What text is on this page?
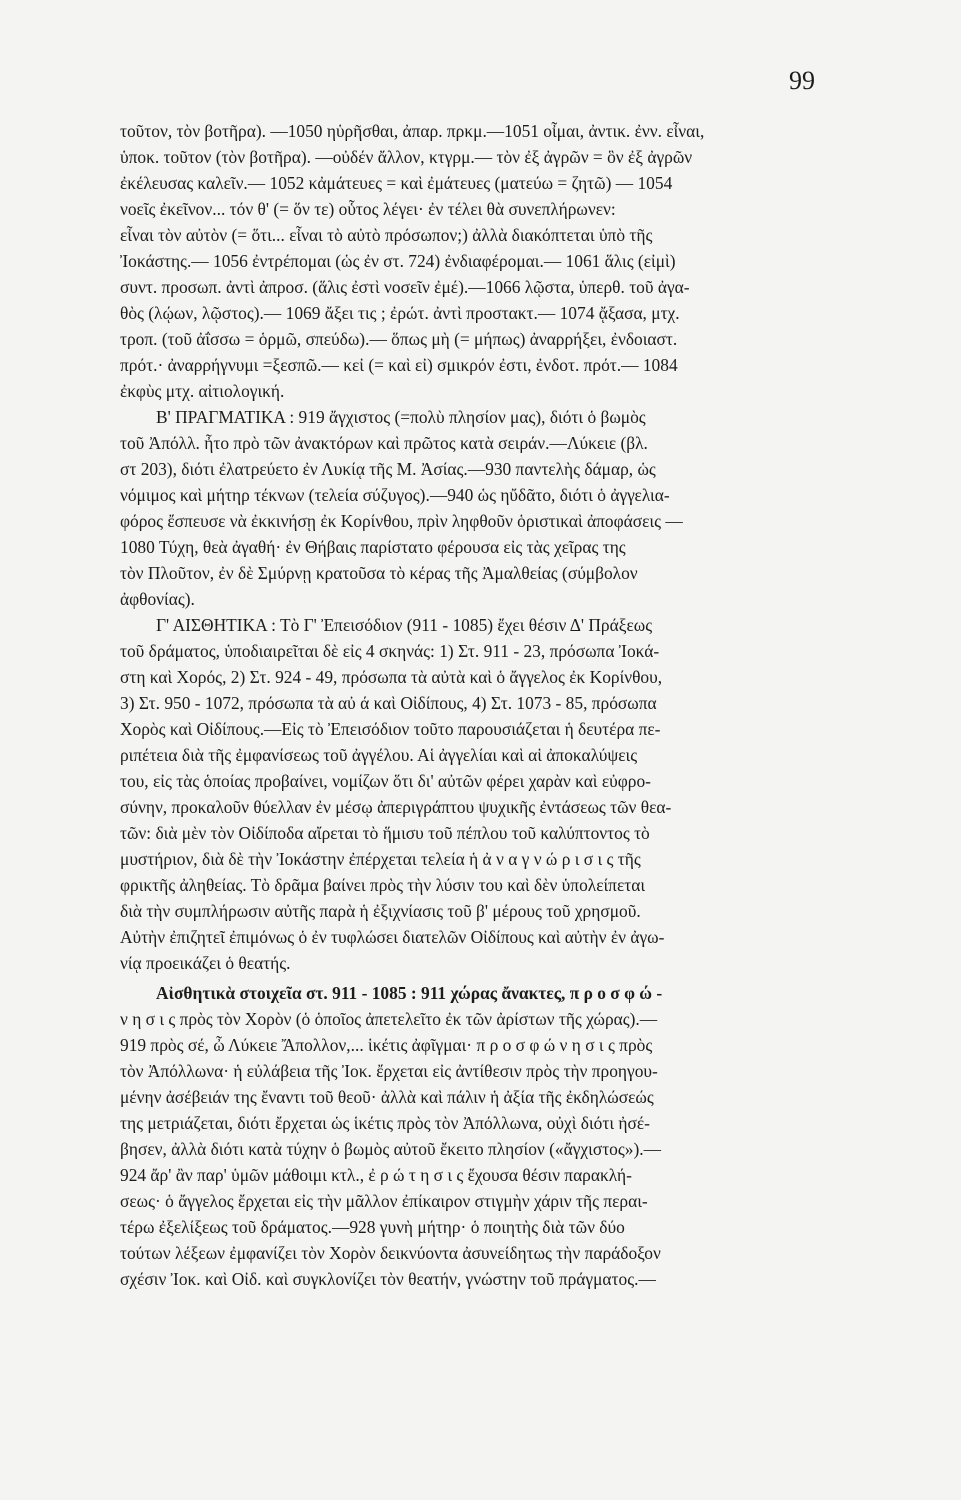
99
τοῦτον, τὸν βοτῆρα). —1050 ηὑρῆσθαι, ἀπαρ. πρκμ.—1051 οἶμαι, ἀντικ. ἐνν. εἶναι,
ὑποκ. τοῦτον (τὸν βοτῆρα). —οὐδέν ἄλλον, κτγρμ.— τὸν ἐξ ἀγρῶν = ὃν ἐξ ἀγρῶν
ἐκέλευσας καλεῖν.— 1052 κἀμάτευες = καὶ ἐμάτευες (ματεύω = ζητῶ) — 1054
νοεῖς ἐκεῖνον... τόν θ' (= ὅν τε) οὗτος λέγει· ἐν τέλει θὰ συνεπλήρωνεν:
εἶναι τὸν αὐτὸν (= ὅτι... εἶναι τὸ αὐτὸ πρόσωπον;) ἀλλὰ διακόπτεται ὑπὸ τῆς
Ἰοκάστης.— 1056 ἐντρέπομαι (ὡς ἐν στ. 724) ἐνδιαφέρομαι.— 1061 ἅλις (εἰμὶ)
συντ. προσωπ. ἀντὶ ἀπροσ. (ἅλις ἐστὶ νοσεῖν ἐμέ).—1066 λῷστα, ὑπερθ. τοῦ ἀγα-
θὸς (λῴων, λῷστος).— 1069 ἄξει τις ; ἐρώτ. ἀντὶ προστακτ.— 1074 ᾄξασα, μτχ.
τροπ. (τοῦ ἀΐσσω = ὁρμῶ, σπεύδω).— ὅπως μὴ (= μήπως) ἀναρρήξει, ἐνδοιαστ.
πρότ.· ἀναρρήγνυμι =ξεσπῶ.— κεἰ (= καὶ εἰ) σμικρόν ἐστι, ἐνδοτ. πρότ.— 1084
ἐκφὺς μτχ. αἰτιολογική.
Β' ΠΡΑΓΜΑΤΙΚΑ : 919 ἄγχιστος (=πολὺ πλησίον μας), διότι ὁ βωμὸς
τοῦ Ἀπόλλ. ἦτο πρὸ τῶν ἀνακτόρων καὶ πρῶτος κατὰ σειράν.—Λύκειε (βλ.
στ 203), διότι ἐλατρεύετο ἐν Λυκίᾳ τῆς Μ. Ἀσίας.—930 παντελὴς δάμαρ, ὡς
νόμιμος καὶ μήτηρ τέκνων (τελεία σύζυγος).—940 ὡς ηὔδᾶτο, διότι ὁ ἀγγελια-
φόρος ἔσπευσε νὰ ἐκκινήσῃ ἐκ Κορίνθου, πρὶν ληφθοῦν ὁριστικαὶ ἀποφάσεις —
1080 Τύχη, θεὰ ἀγαθή· ἐν Θήβαις παρίστατο φέρουσα εἰς τὰς χεῖρας της
τὸν Πλοῦτον, ἐν δὲ Σμύρνῃ κρατοῦσα τὸ κέρας τῆς Ἀμαλθείας (σύμβολον
ἀφθονίας).
Γ' ΑΙΣΘΗΤΙΚΑ : Τὸ Γ' Ἐπεισόδιον (911 - 1085) ἔχει θέσιν Δ' Πράξεως
τοῦ δράματος, ὑποδιαιρεῖται δὲ εἰς 4 σκηνάς: 1) Στ. 911 - 23, πρόσωπα Ἰοκά-
στη καὶ Χορός, 2) Στ. 924 - 49, πρόσωπα τὰ αὐτὰ καὶ ὁ ἄγγελος ἐκ Κορίνθου,
3) Στ. 950 - 1072, πρόσωπα τὰ αὐ ά καὶ Οἰδίπους, 4) Στ. 1073 - 85, πρόσωπα
Χορὸς καὶ Οἰδίπους.—Εἰς τὸ Ἐπεισόδιον τοῦτο παρουσιάζεται ἡ δευτέρα πε-
ριπέτεια διὰ τῆς ἐμφανίσεως τοῦ ἀγγέλου. Αἱ ἀγγελίαι καὶ αἱ ἀποκαλύψεις
του, εἰς τὰς ὁποίας προβαίνει, νομίζων ὅτι δι' αὐτῶν φέρει χαρὰν καὶ εὐφρο-
σύνην, προκαλοῦν θύελλαν ἐν μέσῳ ἀπεριγράπτου ψυχικῆς ἐντάσεως τῶν θεα-
τῶν: διὰ μὲν τὸν Οἰδίποδα αἴρεται τὸ ἥμισυ τοῦ πέπλου τοῦ καλύπτοντος τὸ
μυστήριον, διὰ δὲ τὴν Ἰοκάστην ἐπέρχεται τελεία ἡ ἀ ν α γ ν ώ ρ ι σ ι ς τῆς
φρικτῆς ἀληθείας. Τὸ δρᾶμα βαίνει πρὸς τὴν λύσιν του καὶ δὲν ὑπολείπεται
διὰ τὴν συμπλήρωσιν αὐτῆς παρὰ ἡ ἐξιχνίασις τοῦ β' μέρους τοῦ χρησμοῦ.
Αὐτὴν ἐπιζητεῖ ἐπιμόνως ὁ ἐν τυφλώσει διατελῶν Οἰδίπους καὶ αὐτὴν ἐν ἀγω-
νίᾳ προεικάζει ὁ θεατής.
Αἰσθητικὰ στοιχεῖα στ. 911 - 1085 : 911 χώρας ἄνακτες, π ρ ο σ φ ώ -
ν η σ ι ς πρὸς τὸν Χορὸν (ὁ ὁποῖος ἀπετελεῖτο ἐκ τῶν ἀρίστων τῆς χώρας).—
919 πρὸς σέ, ὦ Λύκειε Ἄπολλον,... ἱκέτις ἀφῖγμαι· π ρ ο σ φ ώ ν η σ ι ς πρὸς
τὸν Ἀπόλλωνα· ἡ εὐλάβεια τῆς Ἰοκ. ἔρχεται εἰς ἀντίθεσιν πρὸς τὴν προηγου-
μένην ἀσέβειάν της ἔναντι τοῦ θεοῦ· ἀλλὰ καὶ πάλιν ἡ ἀξία τῆς ἐκδηλώσεώς
της μετριάζεται, διότι ἔρχεται ὡς ἱκέτις πρὸς τὸν Ἀπόλλωνα, οὐχὶ διότι ἠσέ-
βησεν, ἀλλὰ διότι κατὰ τύχην ὁ βωμὸς αὐτοῦ ἔκειτο πλησίον («ἄγχιστος»).—
924 ἄρ' ἂν παρ' ὑμῶν μάθοιμι κτλ., ἐ ρ ώ τ η σ ι ς ἔχουσα θέσιν παρακλή-
σεως· ὁ ἄγγελος ἔρχεται εἰς τὴν μᾶλλον ἐπίκαιρον στιγμὴν χάριν τῆς περαι-
τέρω ἐξελίξεως τοῦ δράματος.—928 γυνὴ μήτηρ· ὁ ποιητὴς διὰ τῶν δύο
τούτων λέξεων ἐμφανίζει τὸν Χορὸν δεικνύοντα ἀσυνείδητως τὴν παράδοξον
σχέσιν Ἰοκ. καὶ Οἰδ. καὶ συγκλονίζει τὸν θεατήν, γνώστην τοῦ πράγματος.—
